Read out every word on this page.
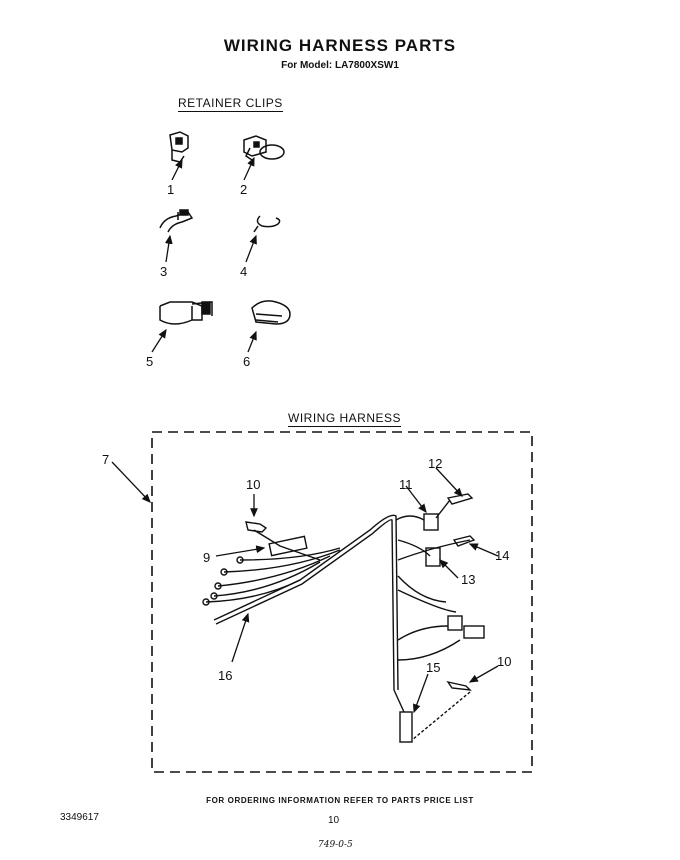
WIRING HARNESS PARTS
For Model: LA7800XSW1
RETAINER CLIPS
WIRING HARNESS
1	2
3	4
5	6
7
9
10
10
11
12
13
14
15
16
FOR ORDERING INFORMATION REFER TO PARTS PRICE LIST
3349617	10
749-0-5
